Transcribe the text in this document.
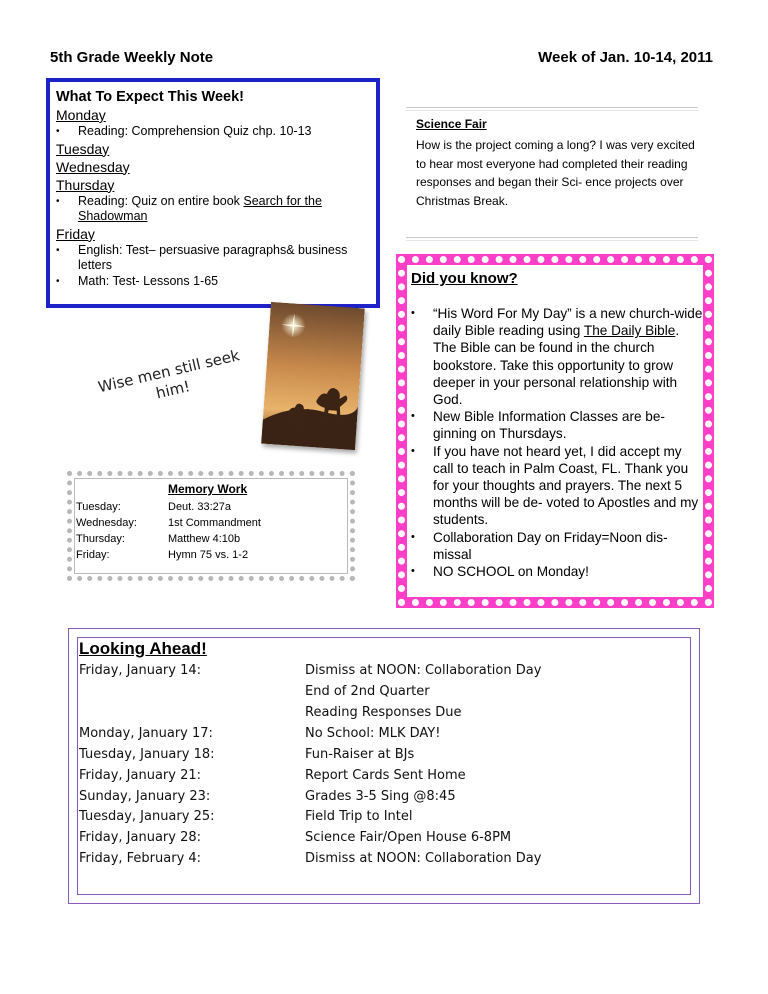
5th Grade Weekly Note	Week of Jan. 10-14, 2011
What To Expect This Week!
Monday
• Reading: Comprehension Quiz chp. 10-13
Tuesday
Wednesday
Thursday
• Reading: Quiz on entire book Search for the Shadowman
Friday
• English: Test– persuasive paragraphs& business letters
• Math: Test- Lessons 1-65
Science Fair
How is the project coming a long? I was very excited to hear most everyone had completed their reading responses and began their Sci- ence projects over Christmas Break.
Did you know?
• “His Word For My Day” is a new church-wide daily Bible reading using The Daily Bible. The Bible can be found in the church bookstore. Take this opportunity to grow deeper in your personal relationship with God.
• New Bible Information Classes are be- ginning on Thursdays.
• If you have not heard yet, I did accept my call to teach in Palm Coast, FL. Thank you for your thoughts and prayers. The next 5 months will be de- voted to Apostles and my students.
• Collaboration Day on Friday=Noon dis- missal
• NO SCHOOL on Monday!
Wise men still seek him!
Memory Work
Tuesday:	Deut. 33:27a
Wednesday:	1st Commandment
Thursday:	Matthew 4:10b
Friday:	Hymn 75 vs. 1-2
Looking Ahead!
Friday, January 14:	Dismiss at NOON: Collaboration Day
End of 2nd Quarter
Reading Responses Due
Monday, January 17:	No School: MLK DAY!
Tuesday, January 18:	Fun-Raiser at BJs
Friday, January 21:	Report Cards Sent Home
Sunday, January 23:	Grades 3-5 Sing @8:45
Tuesday, January 25:	Field Trip to Intel
Friday, January 28:	Science Fair/Open House 6-8PM
Friday, February 4:	Dismiss at NOON: Collaboration Day
